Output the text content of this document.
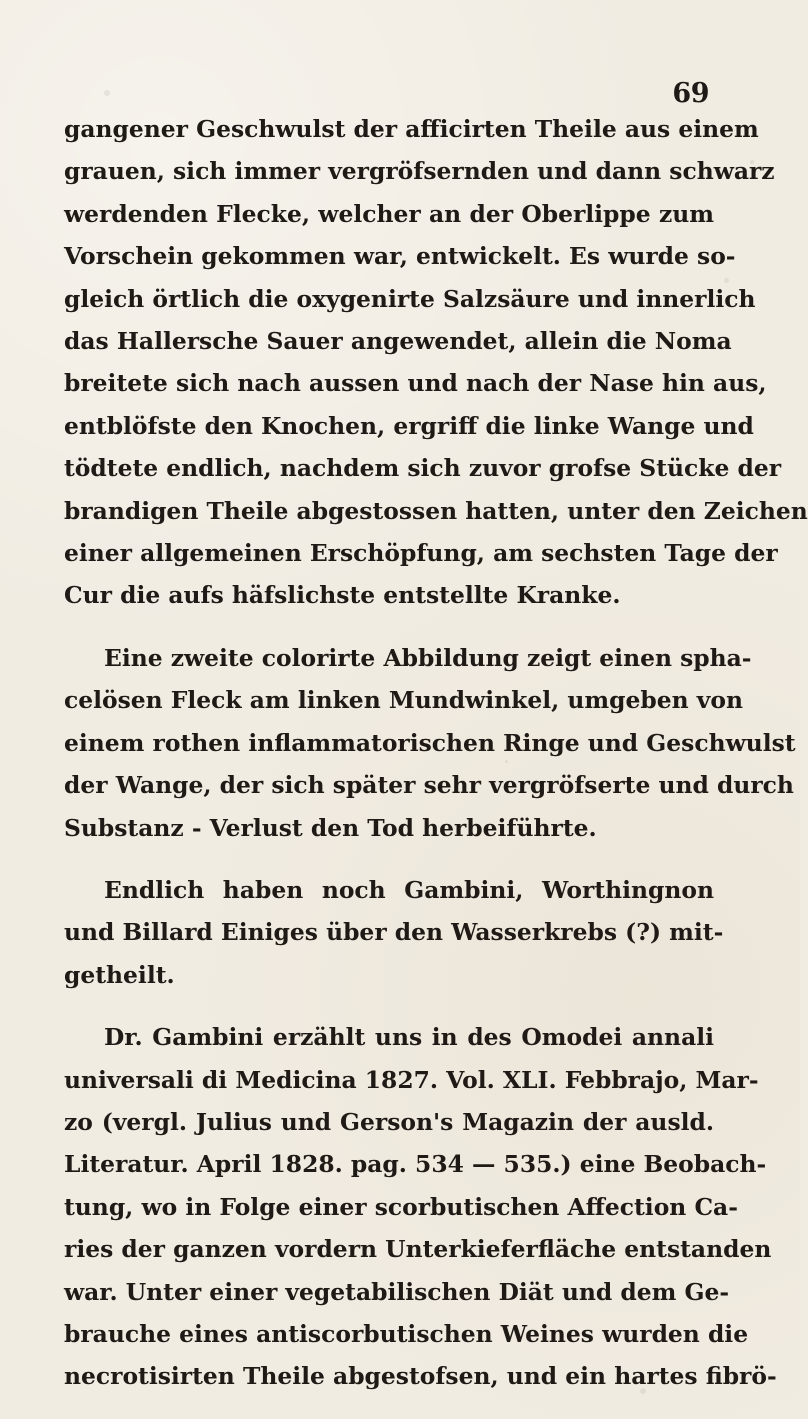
69
gangener Geschwulst der afficirten Theile aus einem
grauen, sich immer vergröfsernden und dann schwarz
werdenden Flecke, welcher an der Oberlippe zum
Vorschein gekommen war, entwickelt. Es wurde so-
gleich örtlich die oxygenirte Salzsäure und innerlich
das Hallersche Sauer angewendet, allein die Noma
breitete sich nach aussen und nach der Nase hin aus,
entblöfste den Knochen, ergriff die linke Wange und
tödtete endlich, nachdem sich zuvor grofse Stücke der
brandigen Theile abgestossen hatten, unter den Zeichen
einer allgemeinen Erschöpfung, am sechsten Tage der
Cur die aufs häfslichste entstellte Kranke.
Eine zweite colorirte Abbildung zeigt einen spha-
celösen Fleck am linken Mundwinkel, umgeben von
einem rothen inflammatorischen Ringe und Geschwulst
der Wange, der sich später sehr vergröfserte und durch
Substanz - Verlust den Tod herbeiführte.
Endlich haben noch Gambini, Worthingnon
und Billard Einiges über den Wasserkrebs (?) mit-
getheilt.
Dr. Gambini erzählt uns in des Omodei annali
universali di Medicina 1827. Vol. XLI. Febbrajo, Mar-
zo (vergl. Julius und Gerson's Magazin der ausld.
Literatur. April 1828. pag. 534 — 535.) eine Beobach-
tung, wo in Folge einer scorbutischen Affection Ca-
ries der ganzen vordern Unterkieferfläche entstanden
war. Unter einer vegetabilischen Diät und dem Ge-
brauche eines antiscorbutischen Weines wurden die
necrotisirten Theile abgestofsen, und ein hartes fibrö-
